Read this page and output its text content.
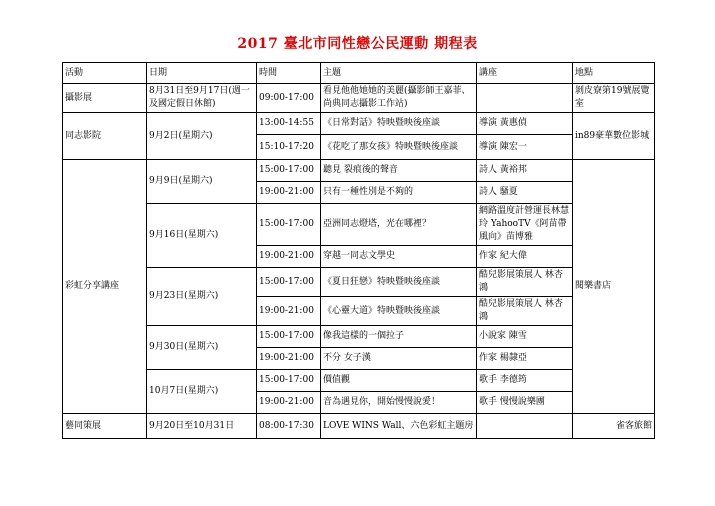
2017 臺北市同性戀公民運動 期程表
活動	日期	時間	主題	講座	地點
攝影展	8月31日至9月17日(週一及國定假日休館)	09:00-17:00	看見他他她她的美麗(攝影師王嘉菲、尚典同志攝影工作站)		剝皮寮第19號展覽室
同志影院	9月2日(星期六)	13:00-14:55	《日常對話》特映暨映後座談	導演 黃惠偵	in89豪華數位影城
		15:10-17:20	《花吃了那女孩》特映暨映後座談	導演 陳宏一	
彩虹分享講座	9月9日(星期六)	15:00-17:00	聽見 裂痕後的聲音	詩人 黃裕邦	閱樂書店
		19:00-21:00	只有一種性別是不夠的	詩人 騷夏	
	9月16日(星期六)	15:00-17:00	亞洲同志燈塔，光在哪裡？	網路溫度計營運長林慧玲 YahooTV《阿苗帶風向》苗博雅	
		19:00-21:00	穿越一同志文學史	作家 紀大偉	
	9月23日(星期六)	15:00-17:00	《夏日狂戀》特映暨映後座談	酷兒影展策展人 林杏鴻	
		19:00-21:00	《心靈大道》特映暨映後座談	酷兒影展策展人 林杏鴻	
	9月30日(星期六)	15:00-17:00	像我這樣的一個拉子	小說家 陳雪	
		19:00-21:00	不分 女子漢	作家 楊隸亞	
	10月7日(星期六)	15:00-17:00	價值觀	歌手 李德筠	
		19:00-21:00	音為遇見你，開始慢慢說愛！	歌手 慢慢說樂團	
藝同策展	9月20日至10月31日	08:00-17:30	LOVE WINS Wall、六色彩虹主題房		雀客旅館
